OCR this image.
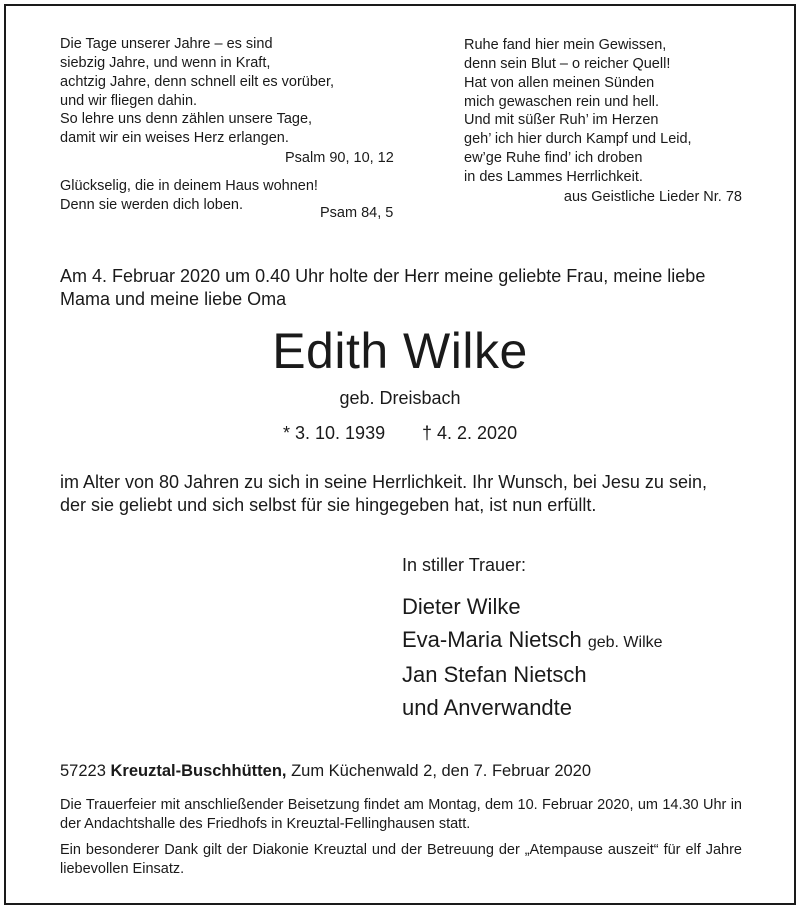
Die Tage unserer Jahre – es sind
siebzig Jahre, und wenn in Kraft,
achtzig Jahre, denn schnell eilt es vorüber,
und wir fliegen dahin.
So lehre uns denn zählen unsere Tage,
damit wir ein weises Herz erlangen.
Psalm 90, 10, 12
Glückselig, die in deinem Haus wohnen!
Denn sie werden dich loben.	Psam 84, 5
Ruhe fand hier mein Gewissen,
denn sein Blut – o reicher Quell!
Hat von allen meinen Sünden
mich gewaschen rein und hell.
Und mit süßer Ruh’ im Herzen
geh’ ich hier durch Kampf und Leid,
ew’ge Ruhe find’ ich droben
in des Lammes Herrlichkeit.
aus Geistliche Lieder Nr. 78
Am 4. Februar 2020 um 0.40 Uhr holte der Herr meine geliebte Frau, meine liebe
Mama und meine liebe Oma
Edith Wilke
geb. Dreisbach
* 3. 10. 1939 † 4. 2. 2020
im Alter von 80 Jahren zu sich in seine Herrlichkeit. Ihr Wunsch, bei Jesu zu sein,
der sie geliebt und sich selbst für sie hingegeben hat, ist nun erfüllt.
In stiller Trauer:
Dieter Wilke
Eva-Maria Nietsch geb. Wilke
Jan Stefan Nietsch
und Anverwandte
57223 Kreuztal-Buschhütten, Zum Küchenwald 2, den 7. Februar 2020
Die Trauerfeier mit anschließender Beisetzung findet am Montag, dem 10. Februar 2020, um 14.30 Uhr in der Andachtshalle des Friedhofs in Kreuztal-Fellinghausen statt.
Ein besonderer Dank gilt der Diakonie Kreuztal und der Betreuung der „Atempause auszeit“ für elf Jahre liebevollen Einsatz.
